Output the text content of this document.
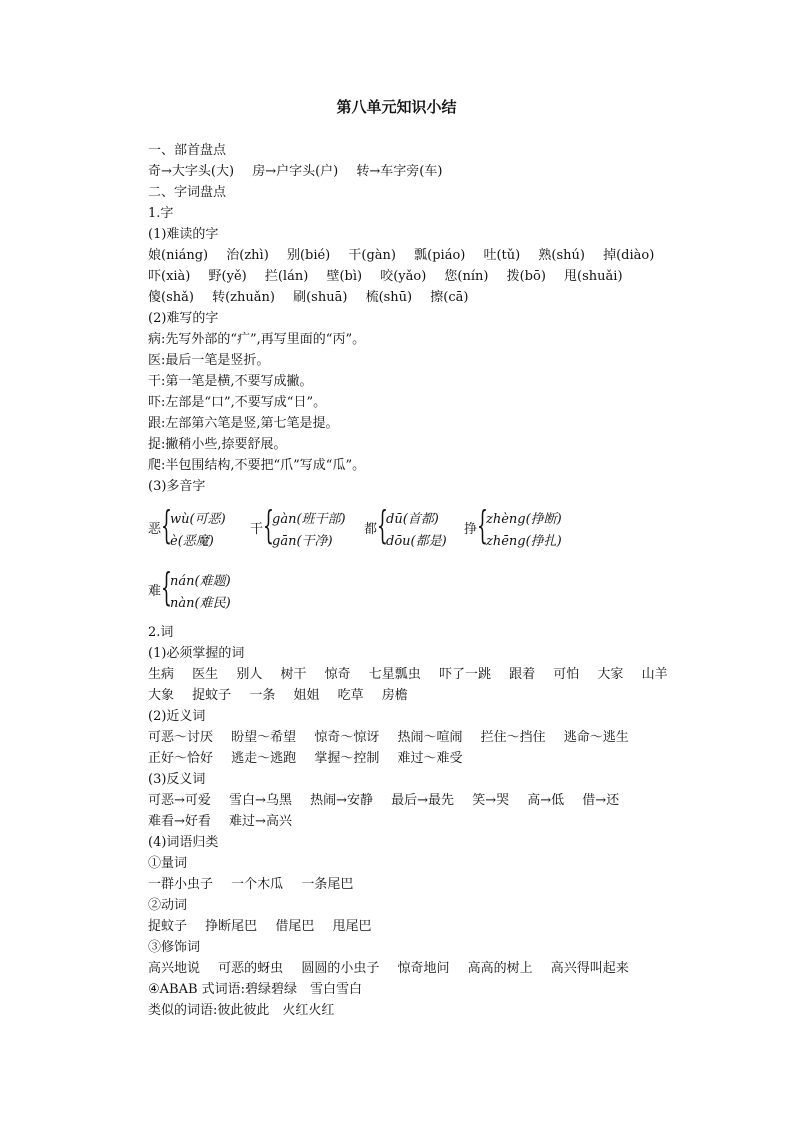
第八单元知识小结
一、部首盘点
奇→大字头(大) 房→户字头(户) 转→车字旁(车)
二、字词盘点
1.字
(1)难读的字
娘(niáng) 治(zhì) 别(bié) 干(gàn) 瓢(piáo) 吐(tǔ) 熟(shú) 掉(diào)
吓(xià) 野(yě) 拦(lán) 壁(bì) 咬(yǎo) 您(nín) 拨(bō) 甩(shuǎi)
傻(shǎ) 转(zhuǎn) 刷(shuā) 梳(shū) 擦(cā)
(2)难写的字
病:先写外部的“疒”,再写里面的“丙”。
医:最后一笔是竖折。
干:第一笔是横,不要写成撇。
吓:左部是“口”,不要写成“日”。
跟:左部第六笔是竖,第七笔是提。
捉:撇稍小些,捺要舒展。
爬:半包围结构,不要把“爪”写成“瓜”。
(3)多音字
恶 {
wù(可恶)
è(恶魔)
干 {
gàn(班干部)
gān(干净)
都 {
dū(首都)
dōu(都是)
挣 {
zhèng(挣断)
zhēng(挣扎)
难 {
nán(难题)
nàn(难民)
2.词
(1)必须掌握的词
生病 医生 别人 树干 惊奇 七星瓢虫 吓了一跳 跟着 可怕 大家 山羊
大象 捉蚊子 一条 姐姐 吃草 房檐
(2)近义词
可恶～讨厌 盼望～希望 惊奇～惊讶 热闹～喧闹 拦住～挡住 逃命～逃生
正好～恰好 逃走～逃跑 掌握～控制 难过～难受
(3)反义词
可恶→可爱 雪白→乌黑 热闹→安静 最后→最先 笑→哭 高→低 借→还
难看→好看 难过→高兴
(4)词语归类
①量词
一群小虫子 一个木瓜 一条尾巴
②动词
捉蚊子 挣断尾巴 借尾巴 甩尾巴
③修饰词
高兴地说 可恶的蚜虫 圆圆的小虫子 惊奇地问 高高的树上 高兴得叫起来
④ABAB 式词语:碧绿碧绿　雪白雪白
类似的词语:彼此彼此　火红火红
